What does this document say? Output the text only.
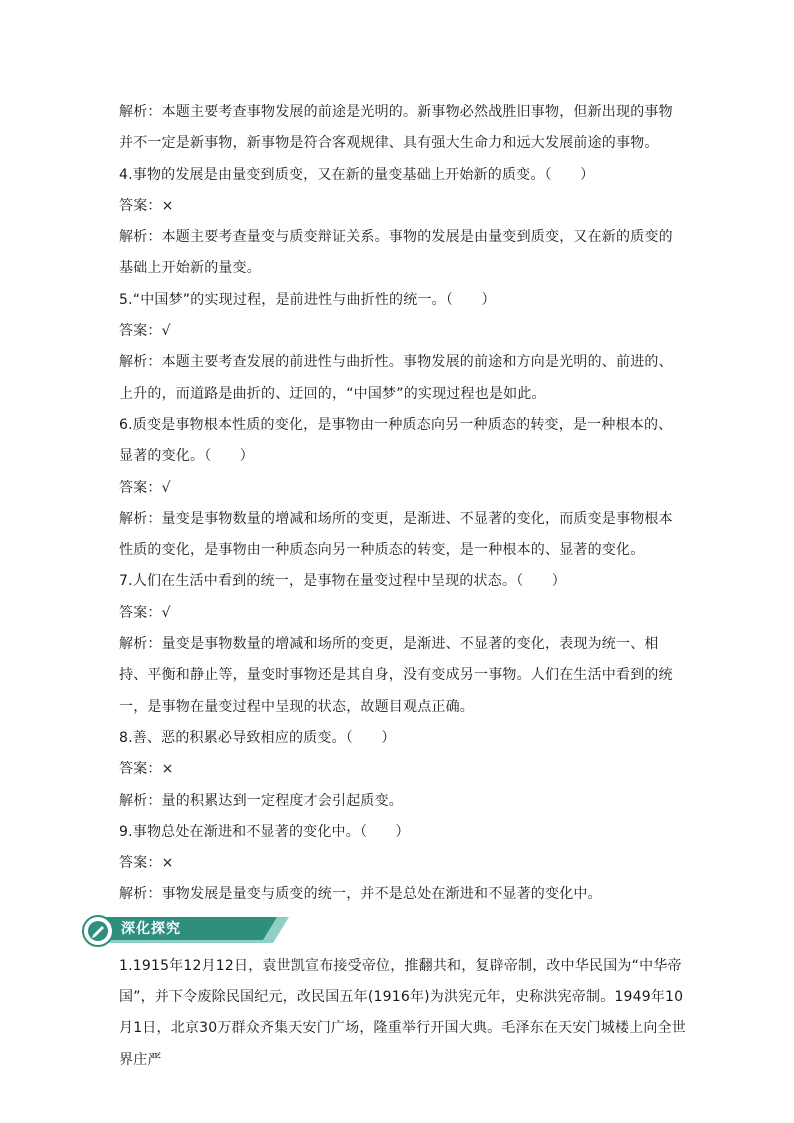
解析：本题主要考查事物发展的前途是光明的。新事物必然战胜旧事物，但新出现的事物并不一定是新事物，新事物是符合客观规律、具有强大生命力和远大发展前途的事物。

4.事物的发展是由量变到质变，又在新的量变基础上开始新的质变。（　　）

答案：×

解析：本题主要考查量变与质变辩证关系。事物的发展是由量变到质变，又在新的质变的基础上开始新的量变。

5.“中国梦”的实现过程，是前进性与曲折性的统一。（　　）

答案：√

解析：本题主要考查发展的前进性与曲折性。事物发展的前途和方向是光明的、前进的、上升的，而道路是曲折的、迂回的，“中国梦”的实现过程也是如此。

6.质变是事物根本性质的变化，是事物由一种质态向另一种质态的转变，是一种根本的、显著的变化。（　　）

答案：√

解析：量变是事物数量的增减和场所的变更，是渐进、不显著的变化，而质变是事物根本性质的变化，是事物由一种质态向另一种质态的转变，是一种根本的、显著的变化。

7.人们在生活中看到的统一，是事物在量变过程中呈现的状态。（　　）

答案：√

解析：量变是事物数量的增减和场所的变更，是渐进、不显著的变化，表现为统一、相持、平衡和静止等，量变时事物还是其自身，没有变成另一事物。人们在生活中看到的统一，是事物在量变过程中呈现的状态，故题目观点正确。

8.善、恶的积累必导致相应的质变。（　　）

答案：×

解析：量的积累达到一定程度才会引起质变。

9.事物总处在渐进和不显著的变化中。（　　）

答案：×

解析：事物发展是量变与质变的统一，并不是总处在渐进和不显著的变化中。

深化探究

1.1915年12月12日，袁世凯宣布接受帝位，推翻共和，复辟帝制，改中华民国为“中华帝国”，并下令废除民国纪元，改民国五年(1916年)为洪宪元年，史称洪宪帝制。1949年10月1日，北京30万群众齐集天安门广场，隆重举行开国大典。毛泽东在天安门城楼上向全世界庄严
